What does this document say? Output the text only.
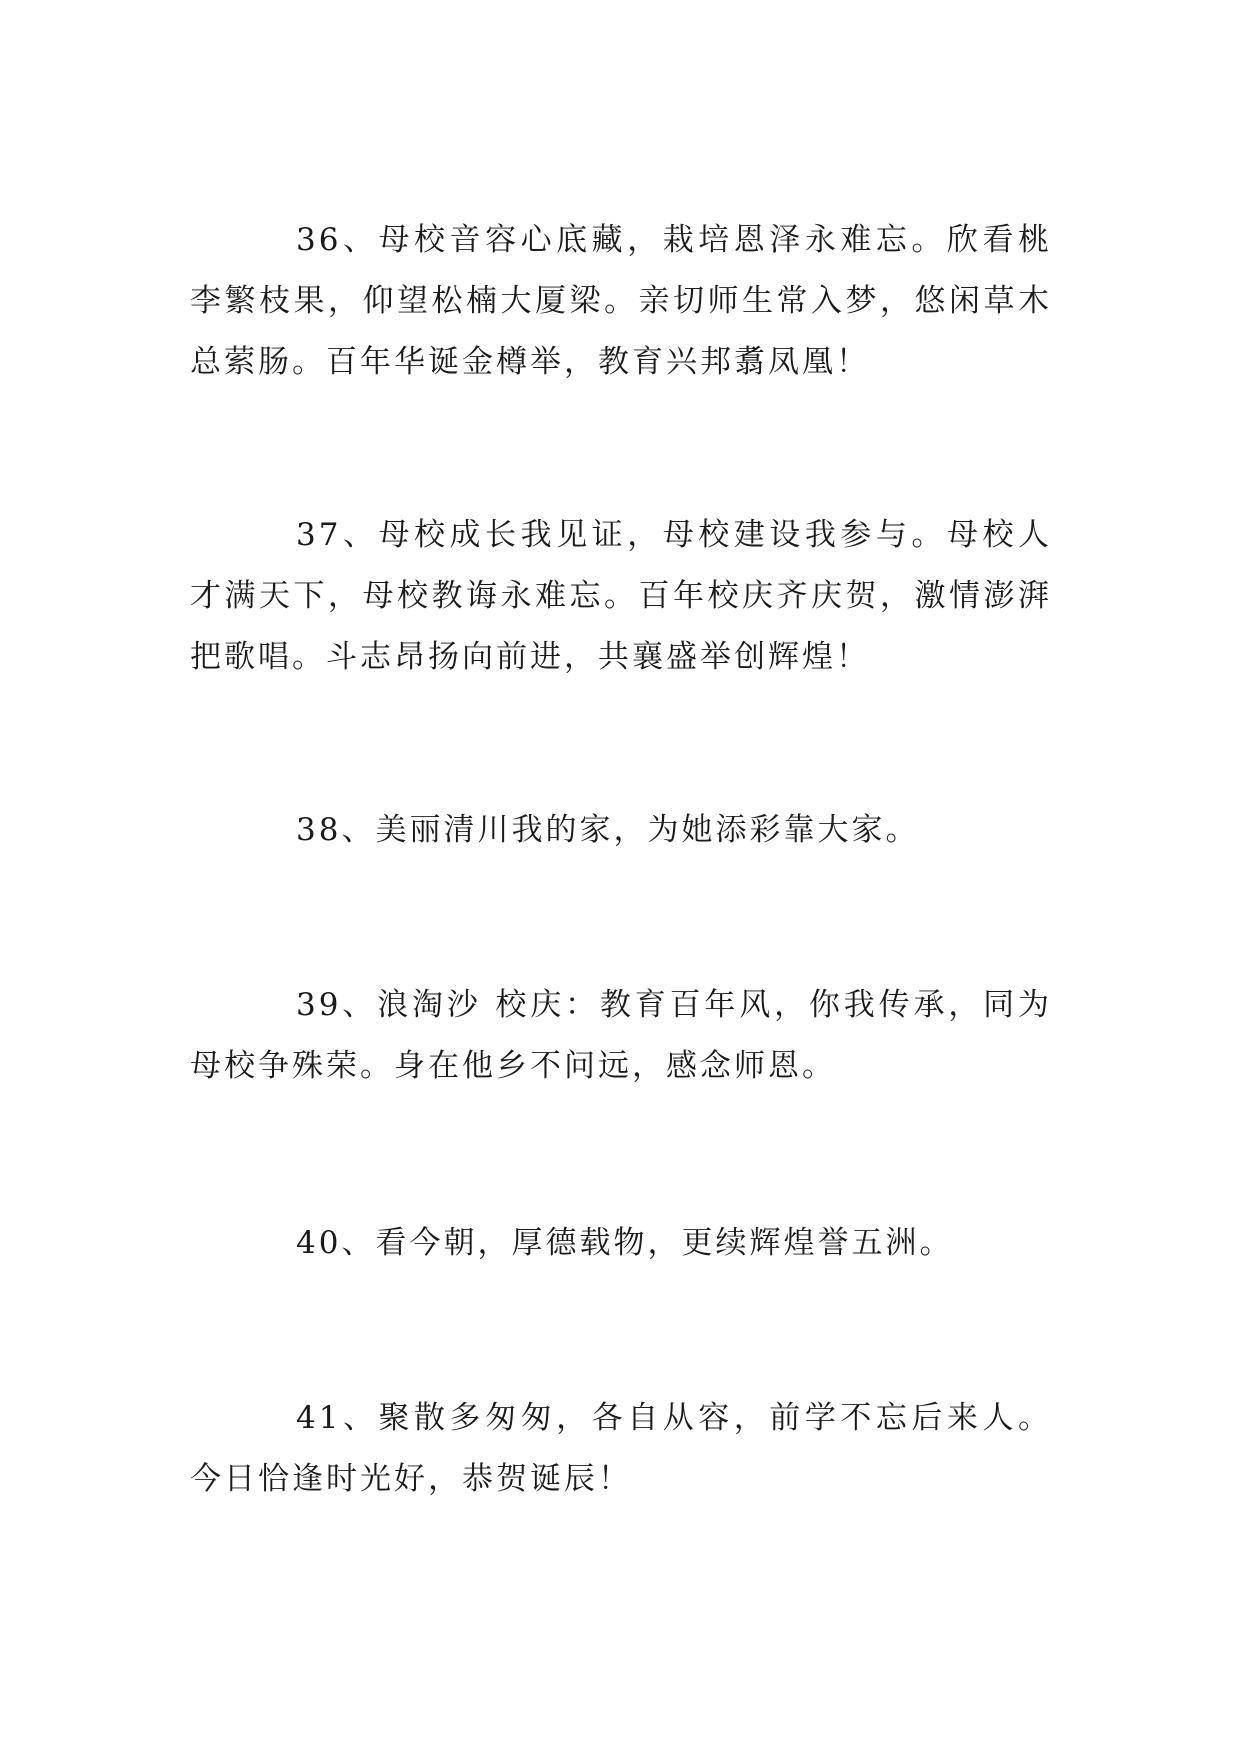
36、母校音容心底藏，栽培恩泽永难忘。欣看桃李繁枝果，仰望松楠大厦梁。亲切师生常入梦，悠闲草木总萦肠。百年华诞金樽举，教育兴邦翥凤凰！

37、母校成长我见证，母校建设我参与。母校人才满天下，母校教诲永难忘。百年校庆齐庆贺，激情澎湃把歌唱。斗志昂扬向前进，共襄盛举创辉煌！

38、美丽清川我的家，为她添彩靠大家。

39、浪淘沙 校庆：教育百年风，你我传承，同为母校争殊荣。身在他乡不问远，感念师恩。

40、看今朝，厚德载物，更续辉煌誉五洲。

41、聚散多匆匆，各自从容，前学不忘后来人。今日恰逢时光好，恭贺诞辰！
